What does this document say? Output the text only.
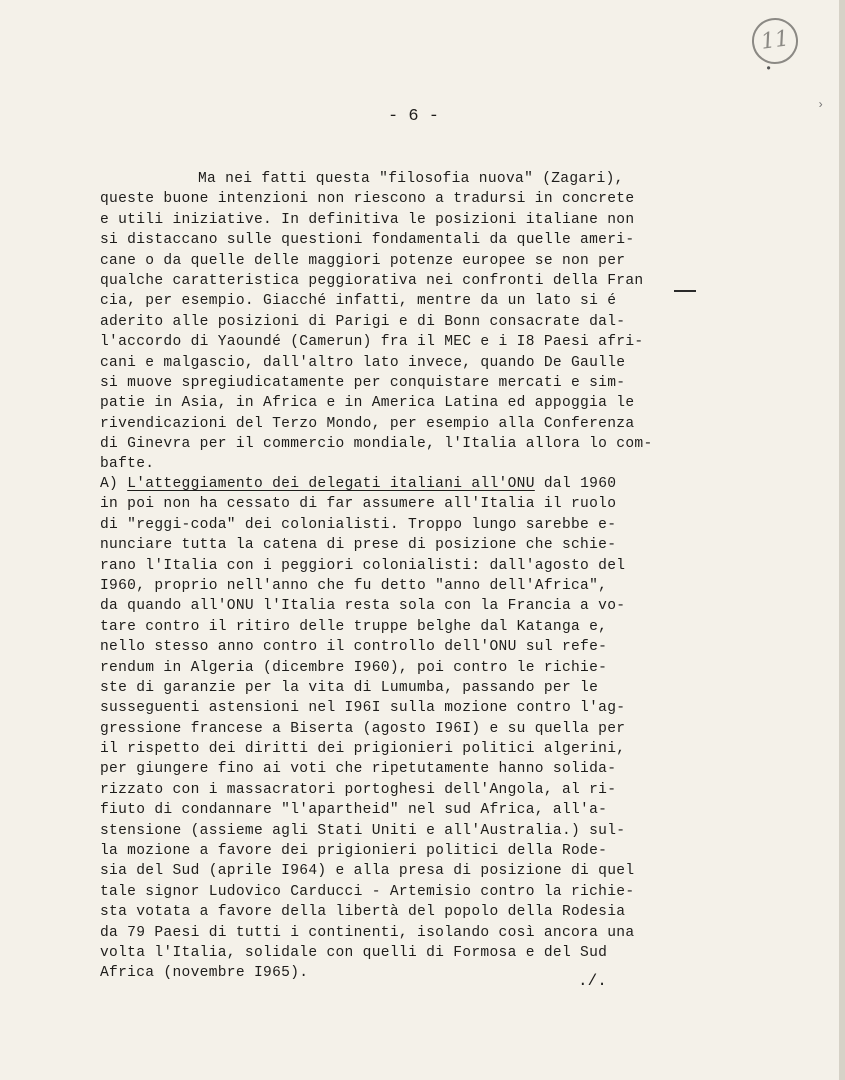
11
•
›
- 6 -
Ma nei fatti questa "filosofia nuova" (Zagari),
queste buone intenzioni non riescono a tradursi in concrete
e utili iniziative. In definitiva le posizioni italiane non
si distaccano sulle questioni fondamentali da quelle ameri-
cane o da quelle delle maggiori potenze europee se non per
qualche caratteristica peggiorativa nei confronti della Fran
cia, per esempio. Giacché infatti, mentre da un lato si é
aderito alle posizioni di Parigi e di Bonn consacrate dal-
l'accordo di Yaoundé (Camerun) fra il MEC e i I8 Paesi afri-
cani e malgascio, dall'altro lato invece, quando De Gaulle
si muove spregiudicatamente per conquistare mercati e sim-
patie in Asia, in Africa e in America Latina ed appoggia le
rivendicazioni del Terzo Mondo, per esempio alla Conferenza
di Ginevra per il commercio mondiale, l'Italia allora lo com-
bafte.
A) L'atteggiamento dei delegati italiani all'ONU dal 1960
in poi non ha cessato di far assumere all'Italia il ruolo
di "reggi-coda" dei colonialisti. Troppo lungo sarebbe e-
nunciare tutta la catena di prese di posizione che schie-
rano l'Italia con i peggiori colonialisti: dall'agosto del
I960, proprio nell'anno che fu detto "anno dell'Africa",
da quando all'ONU l'Italia resta sola con la Francia a vo-
tare contro il ritiro delle truppe belghe dal Katanga e,
nello stesso anno contro il controllo dell'ONU sul refe-
rendum in Algeria (dicembre I960), poi contro le richie-
ste di garanzie per la vita di Lumumba, passando per le
susseguenti astensioni nel I96I sulla mozione contro l'ag-
gressione francese a Biserta (agosto I96I) e su quella per
il rispetto dei diritti dei prigionieri politici algerini,
per giungere fino ai voti che ripetutamente hanno solida-
rizzato con i massacratori portoghesi dell'Angola, al ri-
fiuto di condannare "l'apartheid" nel sud Africa, all'a-
stensione (assieme agli Stati Uniti e all'Australia.) sul-
la mozione a favore dei prigionieri politici della Rode-
sia del Sud (aprile I964) e alla presa di posizione di quel
tale signor Ludovico Carducci - Artemisio contro la richie-
sta votata a favore della libertà del popolo della Rodesia
da 79 Paesi di tutti i continenti, isolando così ancora una
volta l'Italia, solidale con quelli di Formosa e del Sud
Africa (novembre I965).	./.
